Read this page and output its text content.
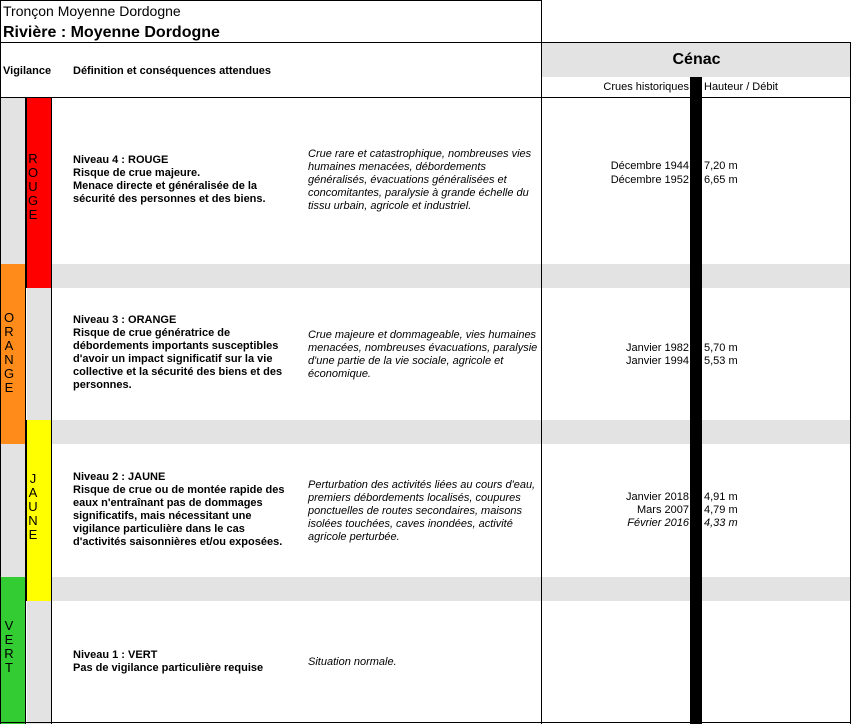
Tronçon Moyenne Dordogne
Rivière : Moyenne Dordogne
Cénac
Vigilance Définition et conséquences attendues
Crues historiques Hauteur / Débit
R
O
U
G
E
O
R
A
N
G
E
J
A
U
N
E
V
E
R
T
Niveau 4 : ROUGE
Risque de crue majeure.
Menace directe et généralisée de la sécurité des personnes et des biens.
Crue rare et catastrophique, nombreuses vies humaines menacées, débordements généralisés, évacuations généralisées et concomitantes, paralysie à grande échelle du tissu urbain, agricole et industriel.
Décembre 1944 7,20 m
Décembre 1952 6,65 m
Niveau 3 : ORANGE
Risque de crue génératrice de débordements importants susceptibles d'avoir un impact significatif sur la vie collective et la sécurité des biens et des personnes.
Crue majeure et dommageable, vies humaines menacées, nombreuses évacuations, paralysie d'une partie de la vie sociale, agricole et économique.
Janvier 1982 5,70 m
Janvier 1994 5,53 m
Niveau 2 : JAUNE
Risque de crue ou de montée rapide des eaux n'entraînant pas de dommages significatifs, mais nécessitant une vigilance particulière dans le cas d'activités saisonnières et/ou exposées.
Perturbation des activités liées au cours d'eau, premiers débordements localisés, coupures ponctuelles de routes secondaires, maisons isolées touchées, caves inondées, activité agricole perturbée.
Janvier 2018 4,91 m
Mars 2007 4,79 m
Février 2016 4,33 m
Niveau 1 : VERT
Pas de vigilance particulière requise	Situation normale.
